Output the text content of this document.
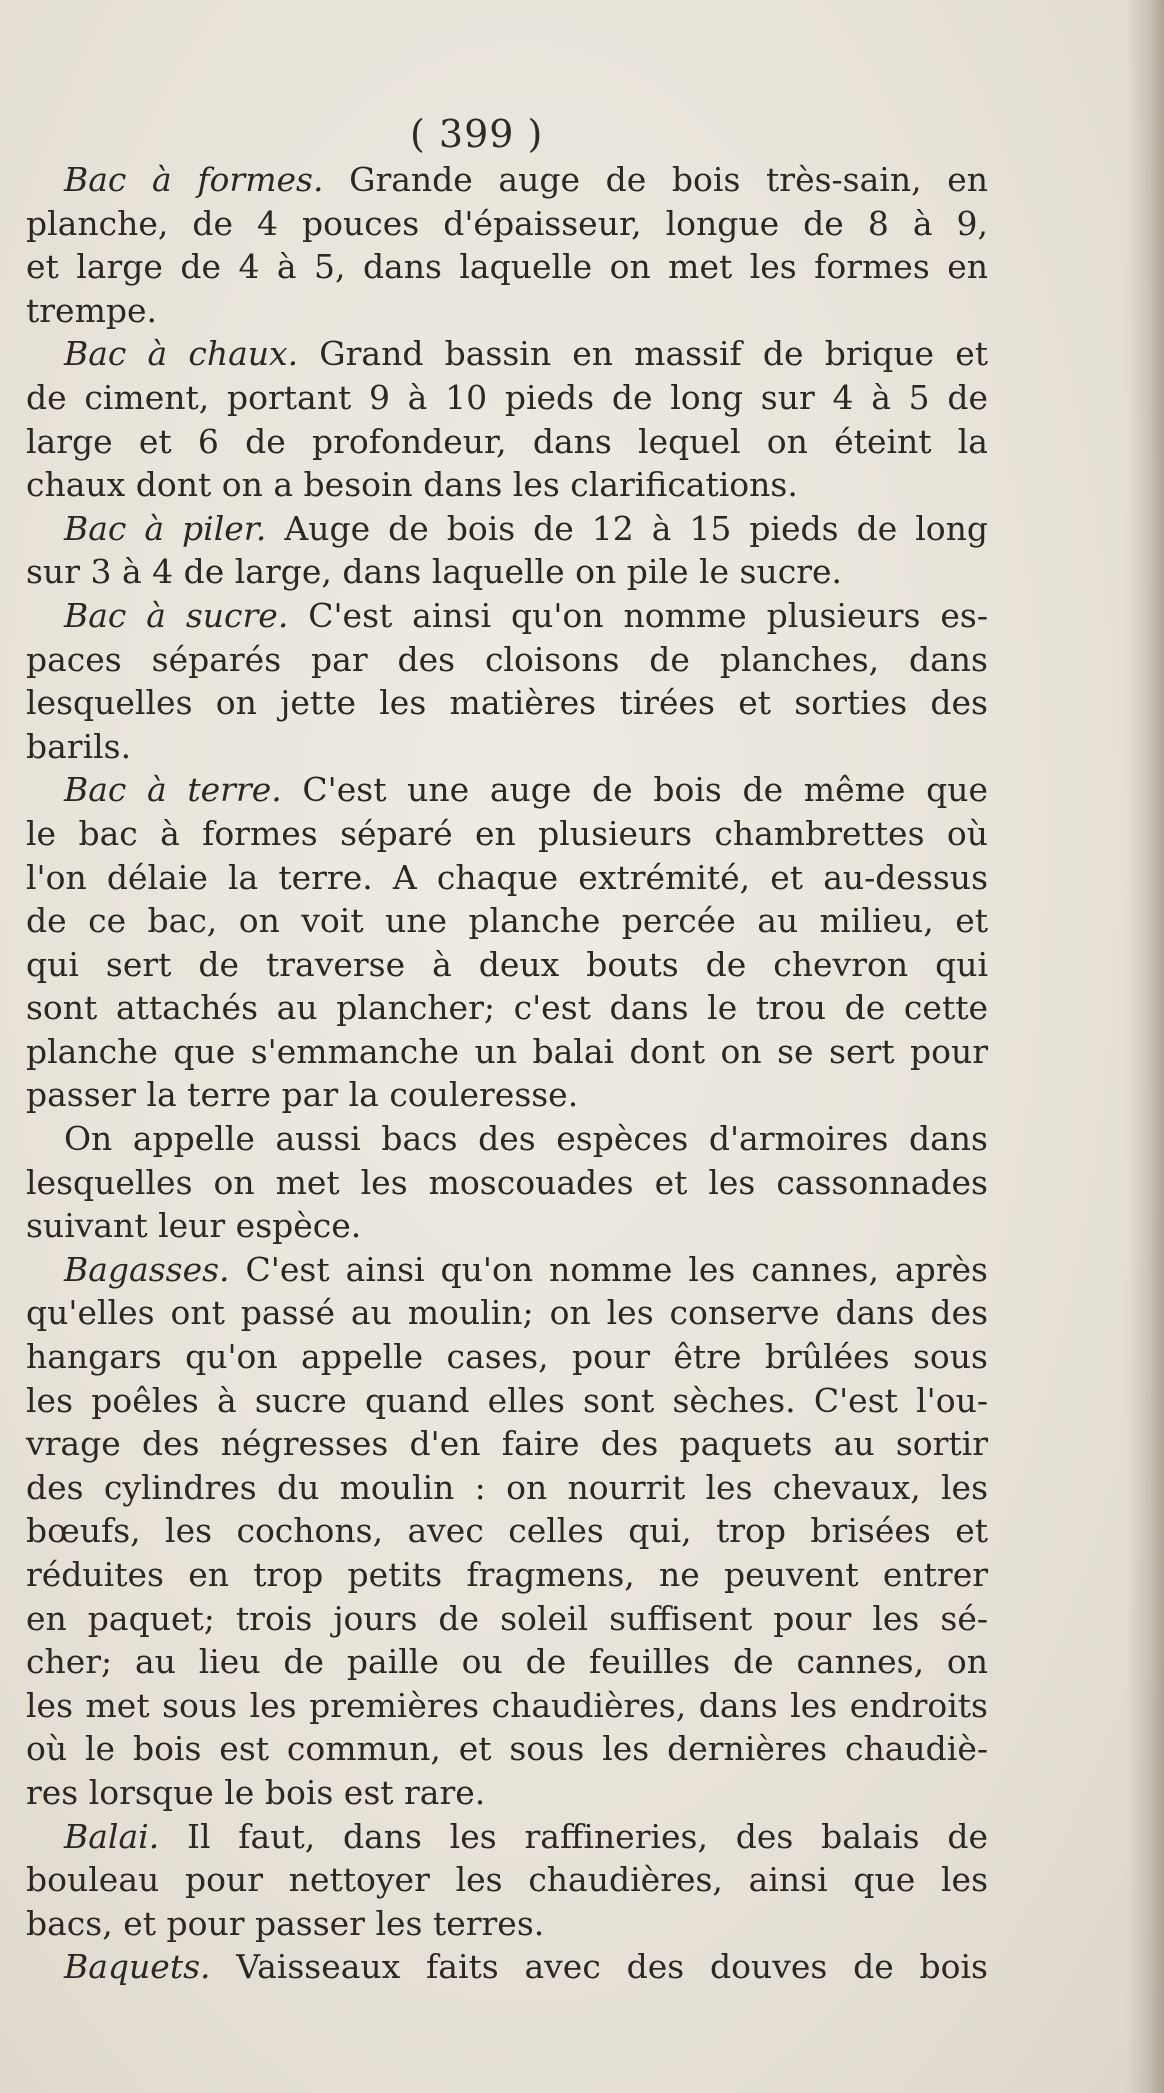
( 399 )
Bac à formes. Grande auge de bois très-sain, en
planche, de 4 pouces d'épaisseur, longue de 8 à 9,
et large de 4 à 5, dans laquelle on met les formes en
trempe.
Bac à chaux. Grand bassin en massif de brique et
de ciment, portant 9 à 10 pieds de long sur 4 à 5 de
large et 6 de profondeur, dans lequel on éteint la
chaux dont on a besoin dans les clarifications.
Bac à piler. Auge de bois de 12 à 15 pieds de long
sur 3 à 4 de large, dans laquelle on pile le sucre.
Bac à sucre. C'est ainsi qu'on nomme plusieurs es-
paces séparés par des cloisons de planches, dans
lesquelles on jette les matières tirées et sorties des
barils.
Bac à terre. C'est une auge de bois de même que
le bac à formes séparé en plusieurs chambrettes où
l'on délaie la terre. A chaque extrémité, et au-dessus
de ce bac, on voit une planche percée au milieu, et
qui sert de traverse à deux bouts de chevron qui
sont attachés au plancher; c'est dans le trou de cette
planche que s'emmanche un balai dont on se sert pour
passer la terre par la couleresse.
On appelle aussi bacs des espèces d'armoires dans
lesquelles on met les moscouades et les cassonnades
suivant leur espèce.
Bagasses. C'est ainsi qu'on nomme les cannes, après
qu'elles ont passé au moulin; on les conserve dans des
hangars qu'on appelle cases, pour être brûlées sous
les poêles à sucre quand elles sont sèches. C'est l'ou-
vrage des négresses d'en faire des paquets au sortir
des cylindres du moulin : on nourrit les chevaux, les
bœufs, les cochons, avec celles qui, trop brisées et
réduites en trop petits fragmens, ne peuvent entrer
en paquet; trois jours de soleil suffisent pour les sé-
cher; au lieu de paille ou de feuilles de cannes, on
les met sous les premières chaudières, dans les endroits
où le bois est commun, et sous les dernières chaudiè-
res lorsque le bois est rare.
Balai. Il faut, dans les raffineries, des balais de
bouleau pour nettoyer les chaudières, ainsi que les
bacs, et pour passer les terres.
Baquets. Vaisseaux faits avec des douves de bois
